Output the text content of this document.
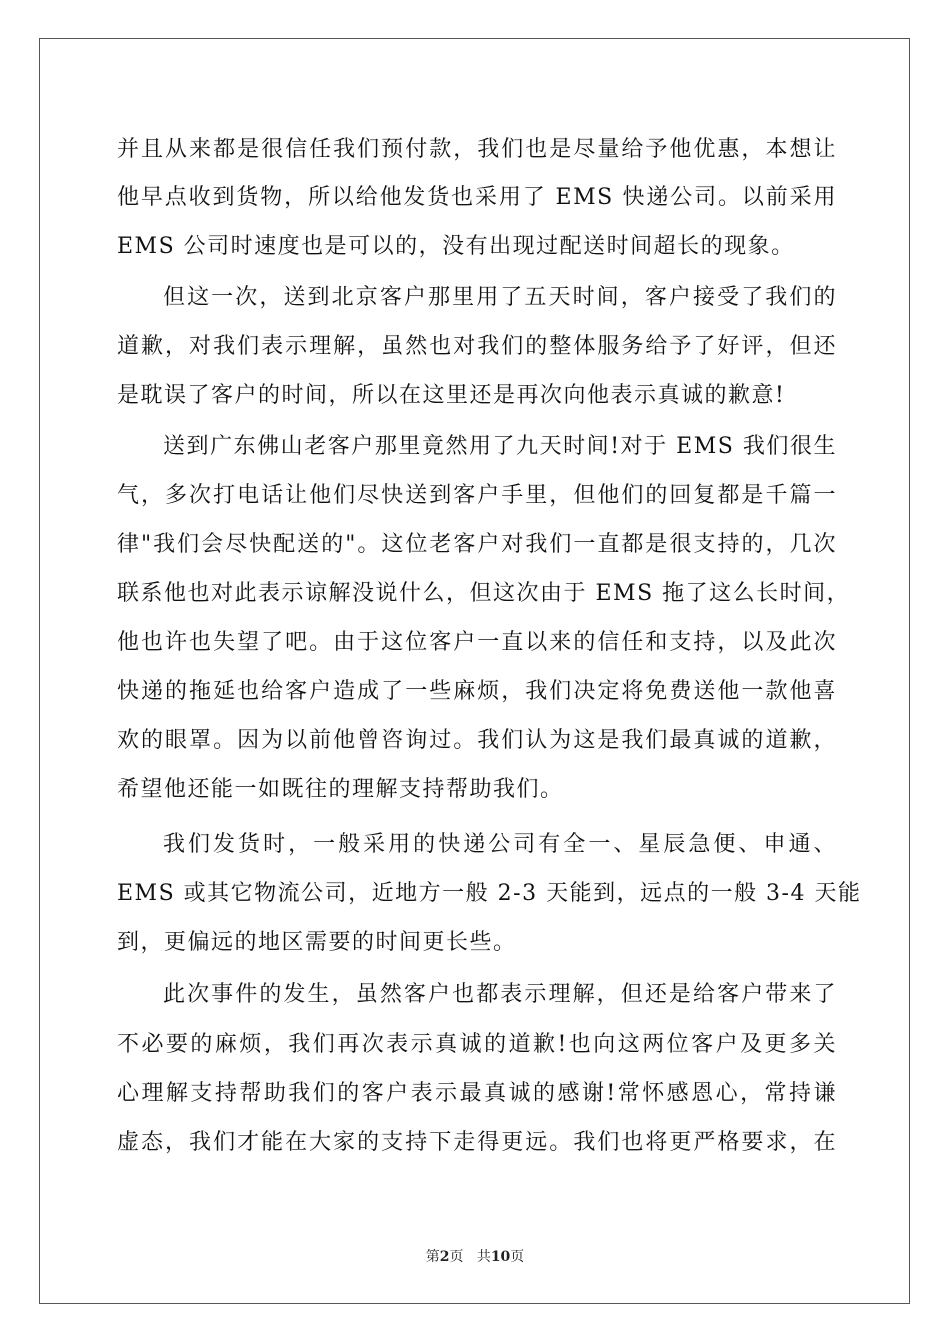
并且从来都是很信任我们预付款，我们也是尽量给予他优惠，本想让
他早点收到货物，所以给他发货也采用了 EMS 快递公司。以前采用
EMS 公司时速度也是可以的，没有出现过配送时间超长的现象。
但这一次，送到北京客户那里用了五天时间，客户接受了我们的
道歉，对我们表示理解，虽然也对我们的整体服务给予了好评，但还
是耽误了客户的时间，所以在这里还是再次向他表示真诚的歉意!
送到广东佛山老客户那里竟然用了九天时间!对于 EMS 我们很生
气，多次打电话让他们尽快送到客户手里，但他们的回复都是千篇一
律"我们会尽快配送的"。这位老客户对我们一直都是很支持的，几次
联系他也对此表示谅解没说什么，但这次由于 EMS 拖了这么长时间，
他也许也失望了吧。由于这位客户一直以来的信任和支持，以及此次
快递的拖延也给客户造成了一些麻烦，我们决定将免费送他一款他喜
欢的眼罩。因为以前他曾咨询过。我们认为这是我们最真诚的道歉，
希望他还能一如既往的理解支持帮助我们。
我们发货时，一般采用的快递公司有全一、星辰急便、申通、
EMS 或其它物流公司，近地方一般 2-3 天能到，远点的一般 3-4 天能
到，更偏远的地区需要的时间更长些。
此次事件的发生，虽然客户也都表示理解，但还是给客户带来了
不必要的麻烦，我们再次表示真诚的道歉!也向这两位客户及更多关
心理解支持帮助我们的客户表示最真诚的感谢!常怀感恩心，常持谦
虚态，我们才能在大家的支持下走得更远。我们也将更严格要求，在
第2页 共10页
